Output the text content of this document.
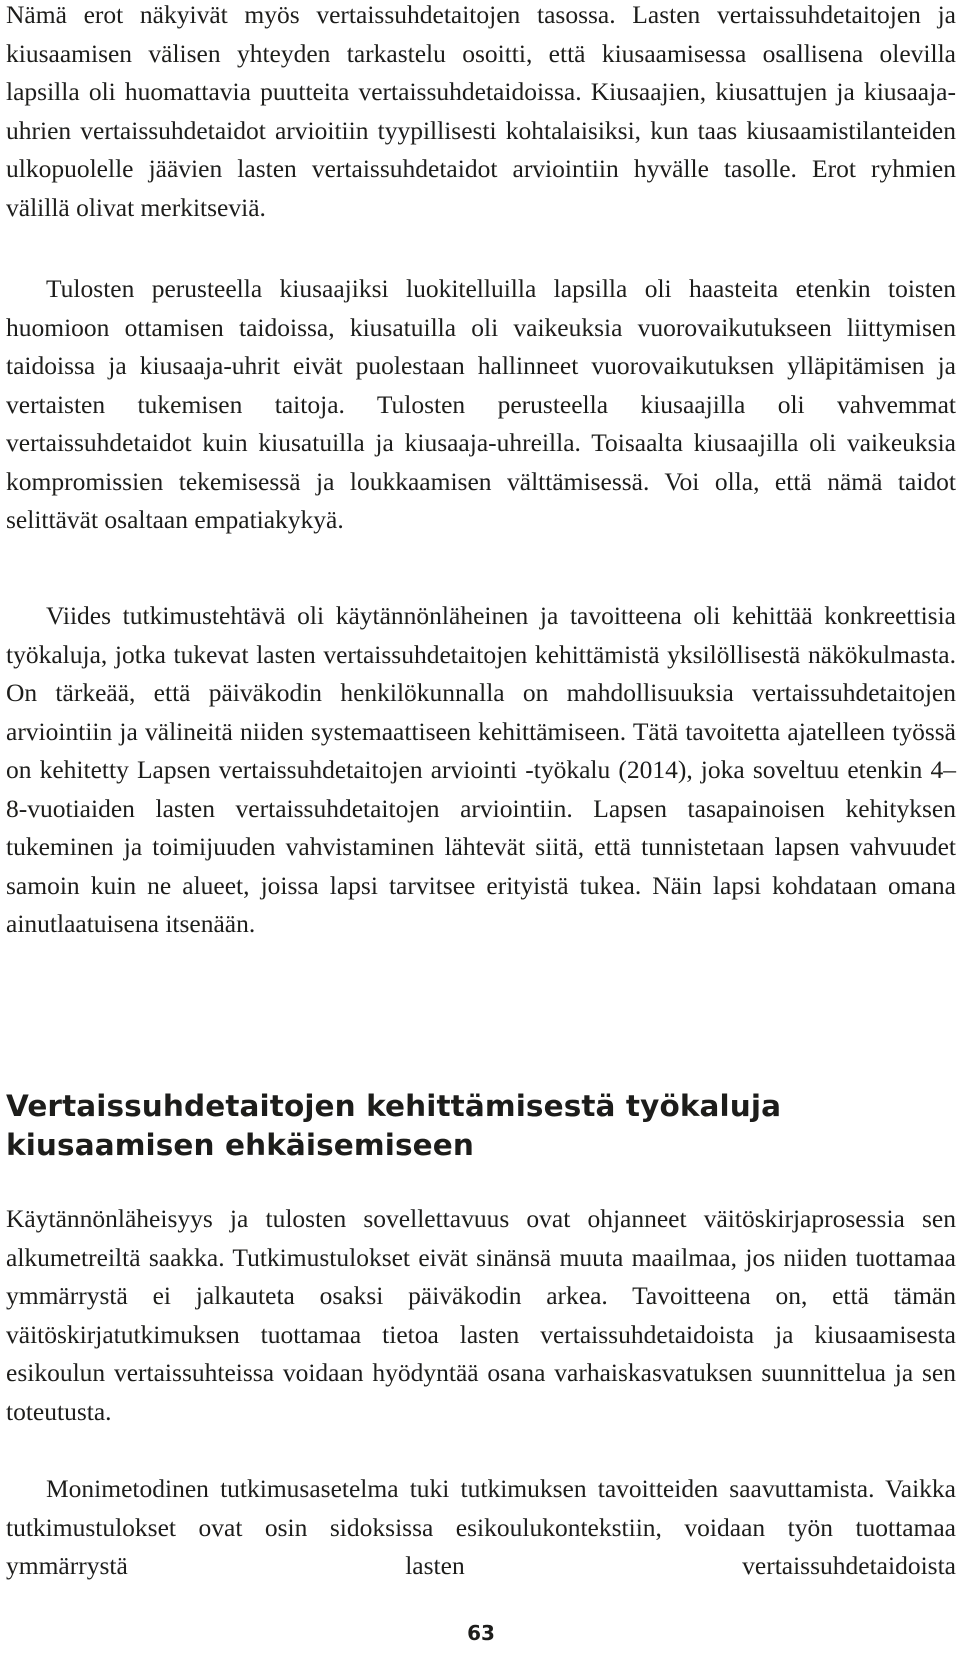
Nämä erot näkyivät myös vertaissuhdetaitojen tasossa. Lasten vertaissuhdetaitojen ja kiusaamisen välisen yhteyden tarkastelu osoitti, että kiusaamisessa osallisena olevilla lapsilla oli huomattavia puutteita vertaissuhdetaidoissa. Kiusaajien, kiusattujen ja kiusaaja-uhrien vertaissuhdetaidot arvioitiin tyypillisesti kohtalaisiksi, kun taas kiusaamistilanteiden ulkopuolelle jäävien lasten vertaissuhdetaidot arviointiin hyvälle tasolle. Erot ryhmien välillä olivat merkitseviä.

Tulosten perusteella kiusaajiksi luokitelluilla lapsilla oli haasteita etenkin toisten huomioon ottamisen taidoissa, kiusatuilla oli vaikeuksia vuorovaikutukseen liittymisen taidoissa ja kiusaaja-uhrit eivät puolestaan hallinneet vuorovaikutuksen ylläpitämisen ja vertaisten tukemisen taitoja. Tulosten perusteella kiusaajilla oli vahvemmat vertaissuhdetaidot kuin kiusatuilla ja kiusaaja-uhreilla. Toisaalta kiusaajilla oli vaikeuksia kompromissien tekemisessä ja loukkaamisen välttämisessä. Voi olla, että nämä taidot selittävät osaltaan empatiakykyä.

Viides tutkimustehtävä oli käytännönläheinen ja tavoitteena oli kehittää konkreettisia työkaluja, jotka tukevat lasten vertaissuhdetaitojen kehittämistä yksilöllisestä näkökulmasta. On tärkeää, että päiväkodin henkilökunnalla on mahdollisuuksia vertaissuhdetaitojen arviointiin ja välineitä niiden systemaattiseen kehittämiseen. Tätä tavoitetta ajatelleen työssä on kehitetty Lapsen vertaissuhdetaitojen arviointi -työkalu (2014), joka soveltuu etenkin 4–8-vuotiaiden lasten vertaissuhdetaitojen arviointiin. Lapsen tasapainoisen kehityksen tukeminen ja toimijuuden vahvistaminen lähtevät siitä, että tunnistetaan lapsen vahvuudet samoin kuin ne alueet, joissa lapsi tarvitsee erityistä tukea. Näin lapsi kohdataan omana ainutlaatuisena itsenään.

Vertaissuhdetaitojen kehittämisestä työkaluja kiusaamisen ehkäisemiseen

Käytännönläheisyys ja tulosten sovellettavuus ovat ohjanneet väitöskirjaprosessia sen alkumetreiltä saakka. Tutkimustulokset eivät sinänsä muuta maailmaa, jos niiden tuottamaa ymmärrystä ei jalkauteta osaksi päiväkodin arkea. Tavoitteena on, että tämän väitöskirjatutkimuksen tuottamaa tietoa lasten vertaissuhdetaidoista ja kiusaamisesta esikoulun vertaissuhteissa voidaan hyödyntää osana varhaiskasvatuksen suunnittelua ja sen toteutusta.

Monimetodinen tutkimusasetelma tuki tutkimuksen tavoitteiden saavuttamista. Vaikka tutkimustulokset ovat osin sidoksissa esikoulukontekstiin, voidaan työn tuottamaa ymmärrystä lasten vertaissuhdetaidoista

63
